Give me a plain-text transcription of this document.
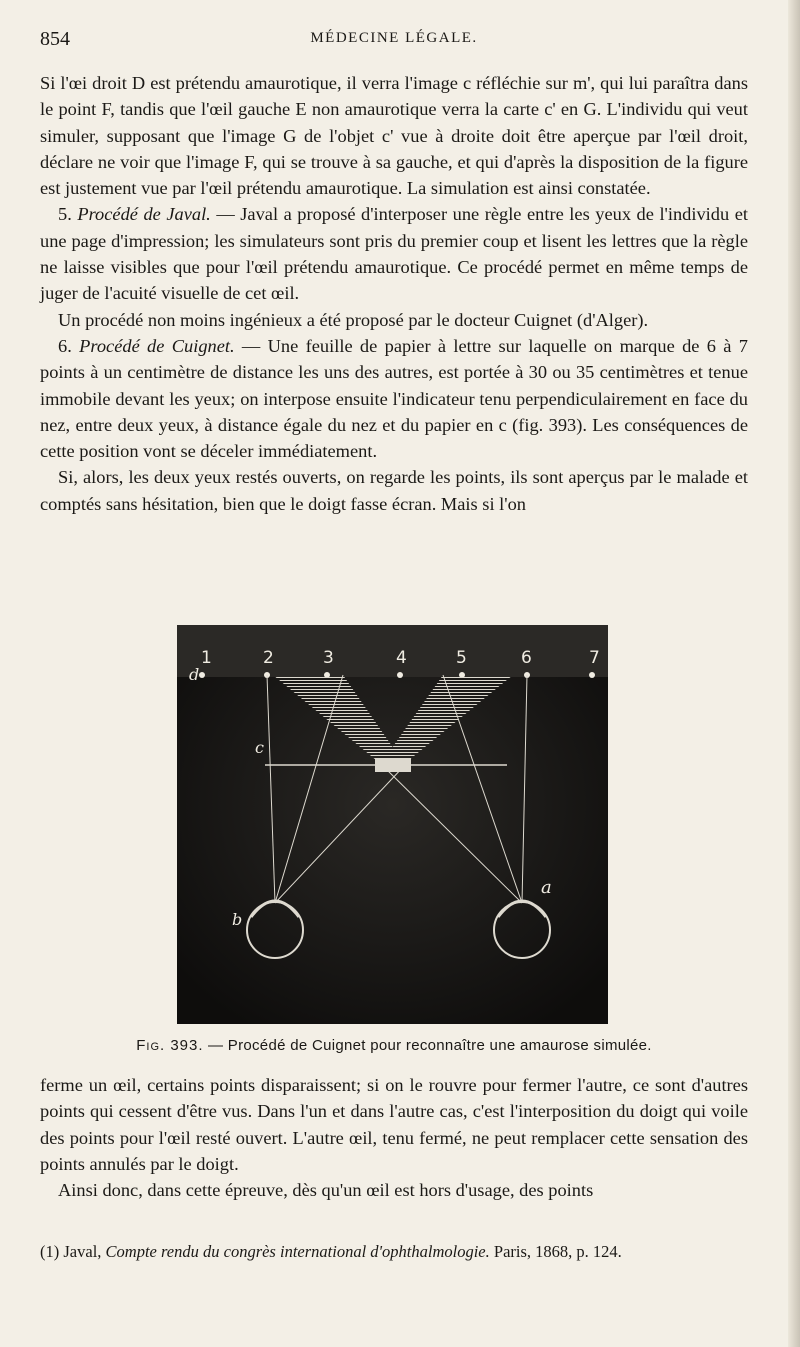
854	MÉDECINE LÉGALE.

Si l'œi droit D est prétendu amaurotique, il verra l'image c réfléchie sur m', qui lui paraîtra dans le point F, tandis que l'œil gauche E non amaurotique verra la carte c' en G. L'individu qui veut simuler, supposant que l'image G de l'objet c' vue à droite doit être aperçue par l'œil droit, déclare ne voir que l'image F, qui se trouve à sa gauche, et qui d'après la disposition de la figure est justement vue par l'œil prétendu amaurotique. La simulation est ainsi constatée.

5. Procédé de Javal. — Javal a proposé d'interposer une règle entre les yeux de l'individu et une page d'impression; les simulateurs sont pris du premier coup et lisent les lettres que la règle ne laisse visibles que pour l'œil prétendu amaurotique. Ce procédé permet en même temps de juger de l'acuité visuelle de cet œil.

Un procédé non moins ingénieux a été proposé par le docteur Cuignet (d'Alger).

6. Procédé de Cuignet. — Une feuille de papier à lettre sur laquelle on marque de 6 à 7 points à un centimètre de distance les uns des autres, est portée à 30 ou 35 centimètres et tenue immobile devant les yeux; on interpose ensuite l'indicateur tenu perpendiculairement en face du nez, entre deux yeux, à distance égale du nez et du papier en c (fig. 393). Les conséquences de cette position vont se déceler immédiatement.

Si, alors, les deux yeux restés ouverts, on regarde les points, ils sont aperçus par le malade et comptés sans hésitation, bien que le doigt fasse écran. Mais si l'on

1	2	3	4	5	6	7
d
c
b
a
Fig. 393. — Procédé de Cuignet pour reconnaître une amaurose simulée.

ferme un œil, certains points disparaissent; si on le rouvre pour fermer l'autre, ce sont d'autres points qui cessent d'être vus. Dans l'un et dans l'autre cas, c'est l'interposition du doigt qui voile des points pour l'œil resté ouvert. L'autre œil, tenu fermé, ne peut remplacer cette sensation des points annulés par le doigt.

Ainsi donc, dans cette épreuve, dès qu'un œil est hors d'usage, des points

(1) Javal, Compte rendu du congrès international d'ophthalmologie. Paris, 1868, p. 124.
